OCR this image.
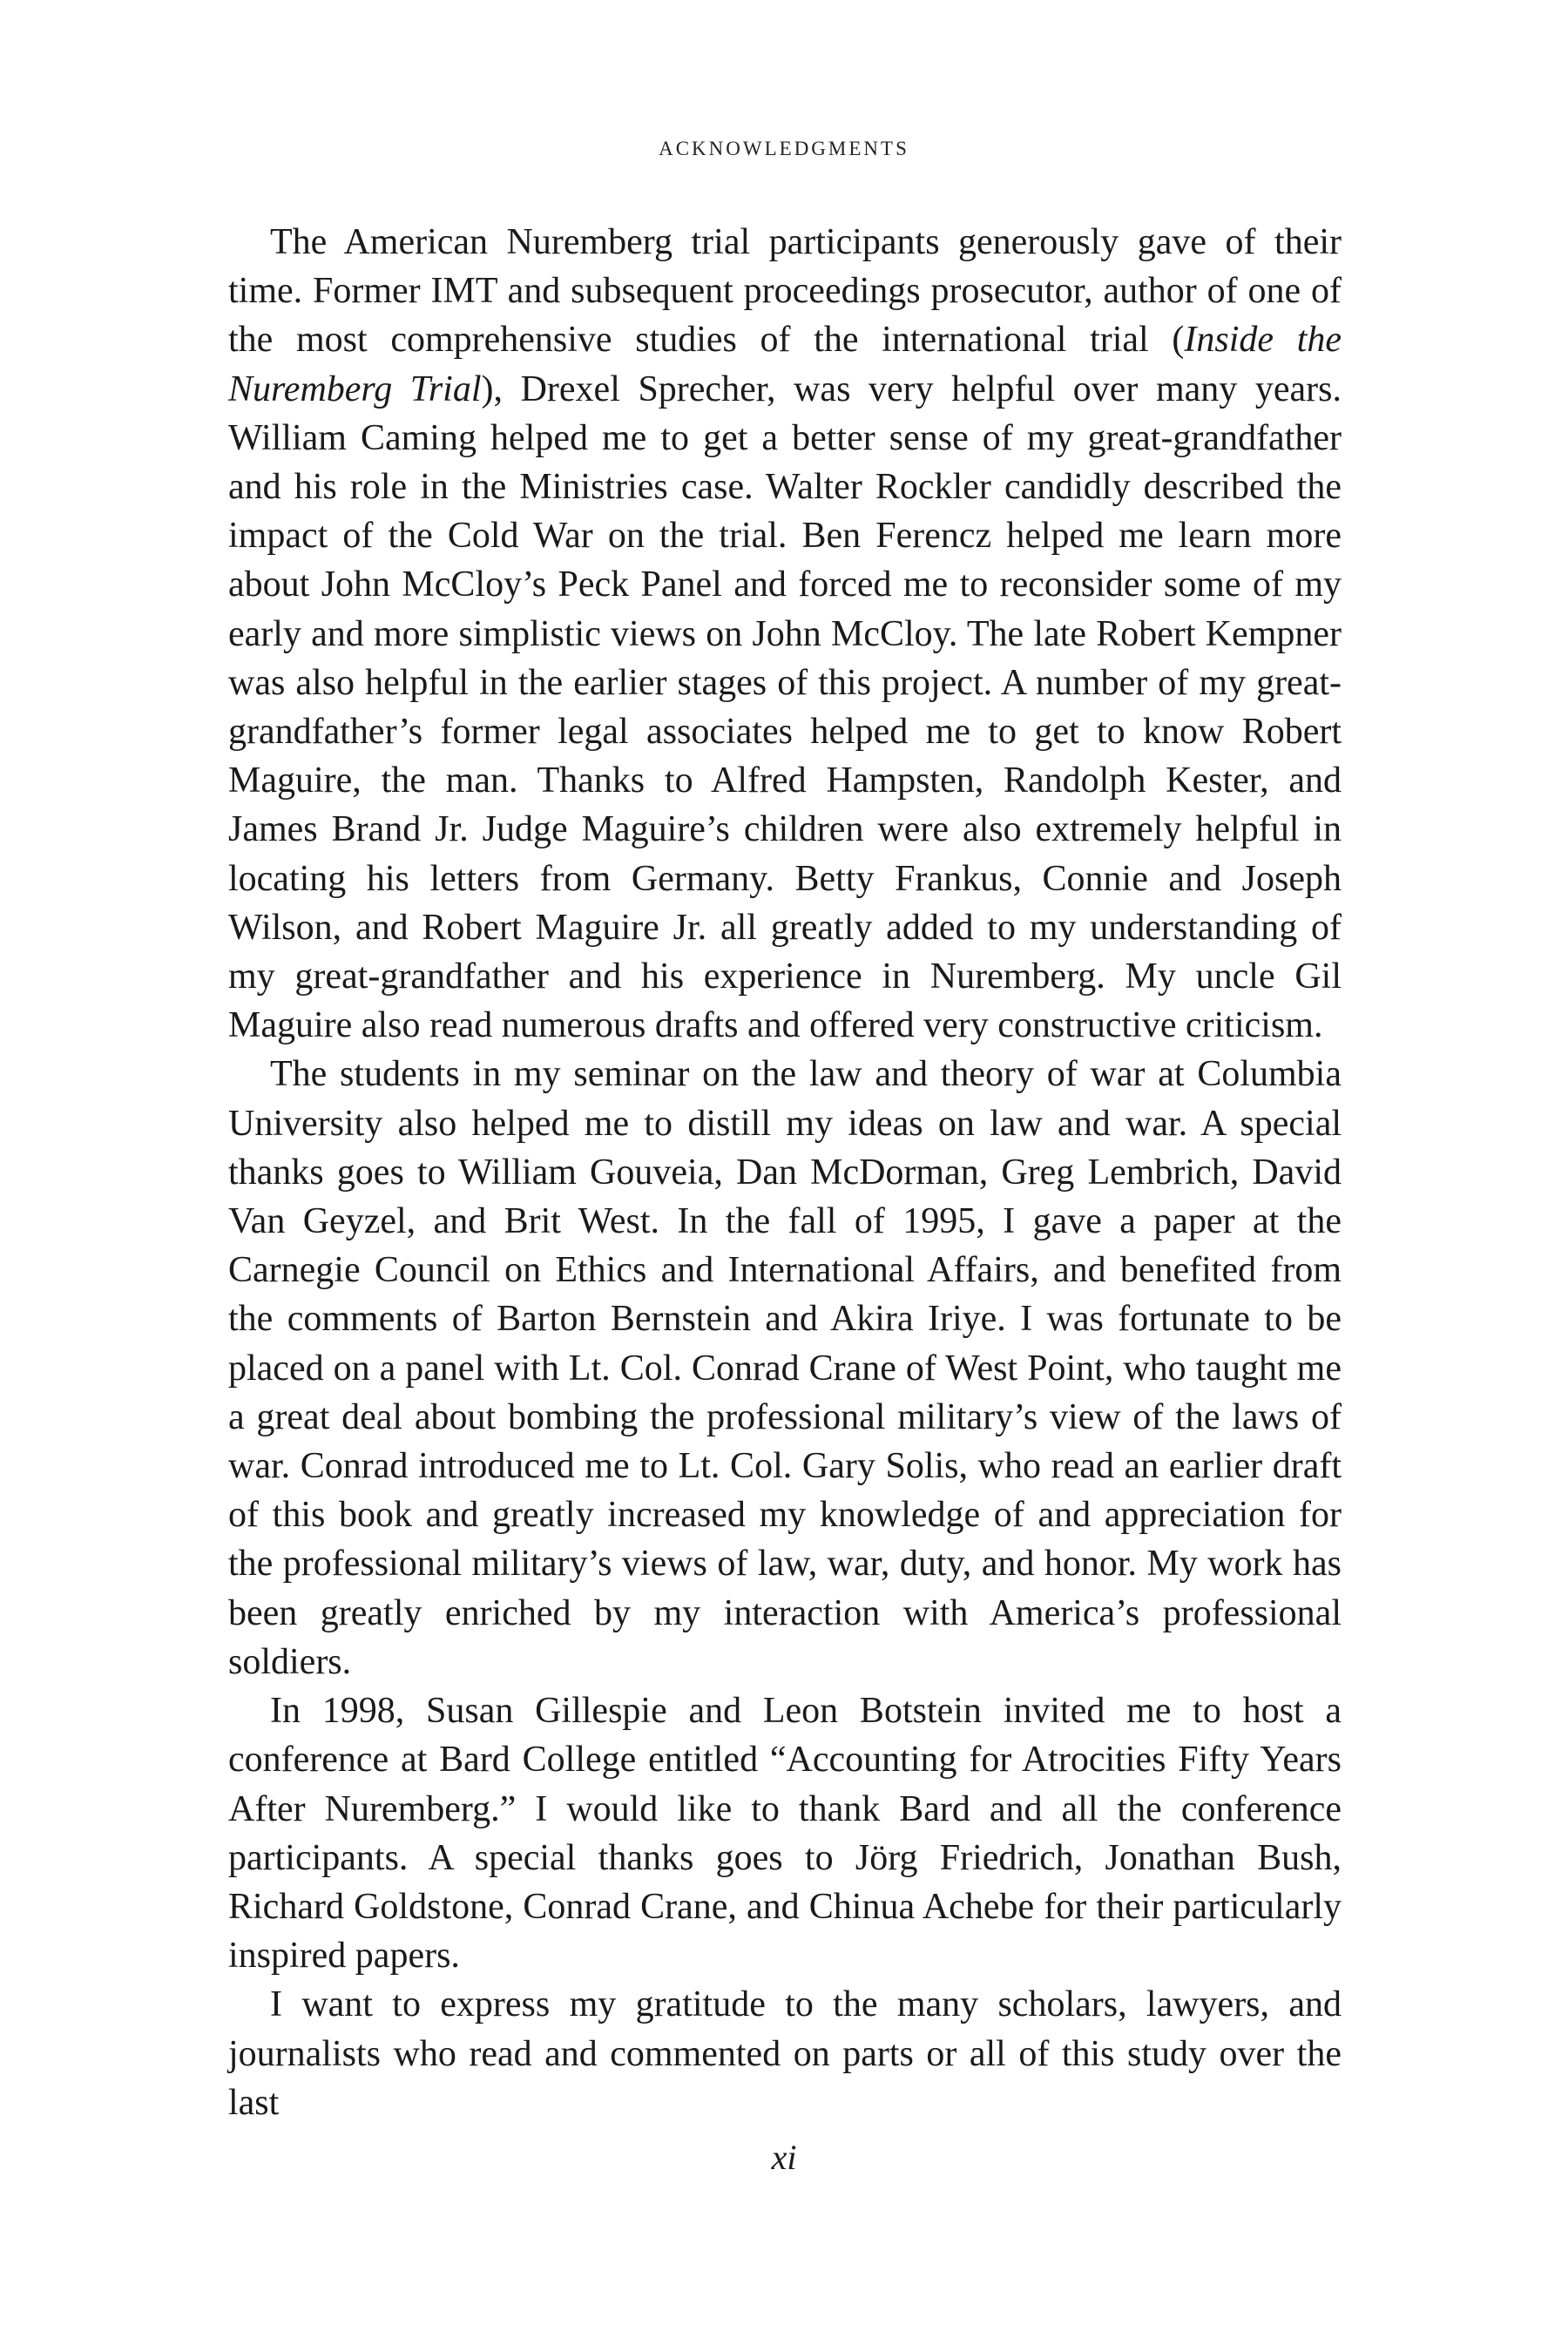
ACKNOWLEDGMENTS

The American Nuremberg trial participants generously gave of their time. Former IMT and subsequent proceedings prosecutor, author of one of the most comprehensive studies of the international trial (Inside the Nuremberg Trial), Drexel Sprecher, was very helpful over many years. William Caming helped me to get a better sense of my great-grandfather and his role in the Ministries case. Walter Rockler candidly described the impact of the Cold War on the trial. Ben Ferencz helped me learn more about John McCloy’s Peck Panel and forced me to reconsider some of my early and more simplistic views on John McCloy. The late Robert Kempner was also helpful in the earlier stages of this project. A number of my great-grandfather’s former legal associates helped me to get to know Robert Maguire, the man. Thanks to Alfred Hampsten, Randolph Kester, and James Brand Jr. Judge Maguire’s children were also extremely helpful in locating his letters from Germany. Betty Frankus, Connie and Joseph Wilson, and Robert Maguire Jr. all greatly added to my understanding of my great-grandfather and his experience in Nuremberg. My uncle Gil Maguire also read numerous drafts and offered very constructive criticism.

The students in my seminar on the law and theory of war at Columbia University also helped me to distill my ideas on law and war. A special thanks goes to William Gouveia, Dan McDorman, Greg Lembrich, David Van Geyzel, and Brit West. In the fall of 1995, I gave a paper at the Carnegie Council on Ethics and International Affairs, and benefited from the comments of Barton Bernstein and Akira Iriye. I was fortunate to be placed on a panel with Lt. Col. Conrad Crane of West Point, who taught me a great deal about bombing the professional military’s view of the laws of war. Conrad introduced me to Lt. Col. Gary Solis, who read an earlier draft of this book and greatly increased my knowledge of and appreciation for the professional military’s views of law, war, duty, and honor. My work has been greatly enriched by my interaction with America’s professional soldiers.

In 1998, Susan Gillespie and Leon Botstein invited me to host a conference at Bard College entitled “Accounting for Atrocities Fifty Years After Nuremberg.” I would like to thank Bard and all the conference participants. A special thanks goes to Jörg Friedrich, Jonathan Bush, Richard Goldstone, Conrad Crane, and Chinua Achebe for their particularly inspired papers.

I want to express my gratitude to the many scholars, lawyers, and journalists who read and commented on parts or all of this study over the last

xi
